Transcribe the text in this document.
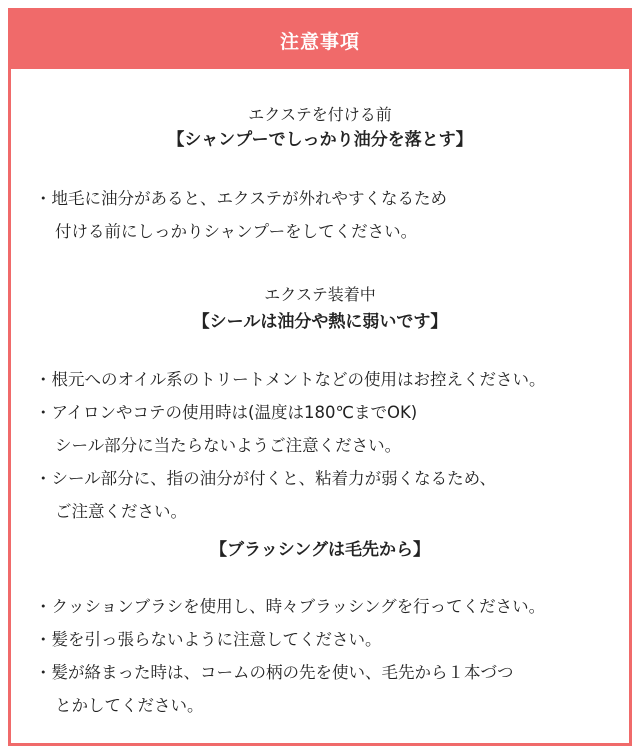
注意事項
エクステを付ける前
【シャンプーでしっかり油分を落とす】
・地毛に油分があると、エクステが外れやすくなるため
付ける前にしっかりシャンプーをしてください。
エクステ装着中
【シールは油分や熱に弱いです】
・根元へのオイル系のトリートメントなどの使用はお控えください。
・アイロンやコテの使用時は(温度は180℃までOK)
シール部分に当たらないようご注意ください。
・シール部分に、指の油分が付くと、粘着力が弱くなるため、
ご注意ください。
【ブラッシングは毛先から】
・クッションブラシを使用し、時々ブラッシングを行ってください。
・髪を引っ張らないように注意してください。
・髪が絡まった時は、コームの柄の先を使い、毛先から１本づつ
とかしてください。
